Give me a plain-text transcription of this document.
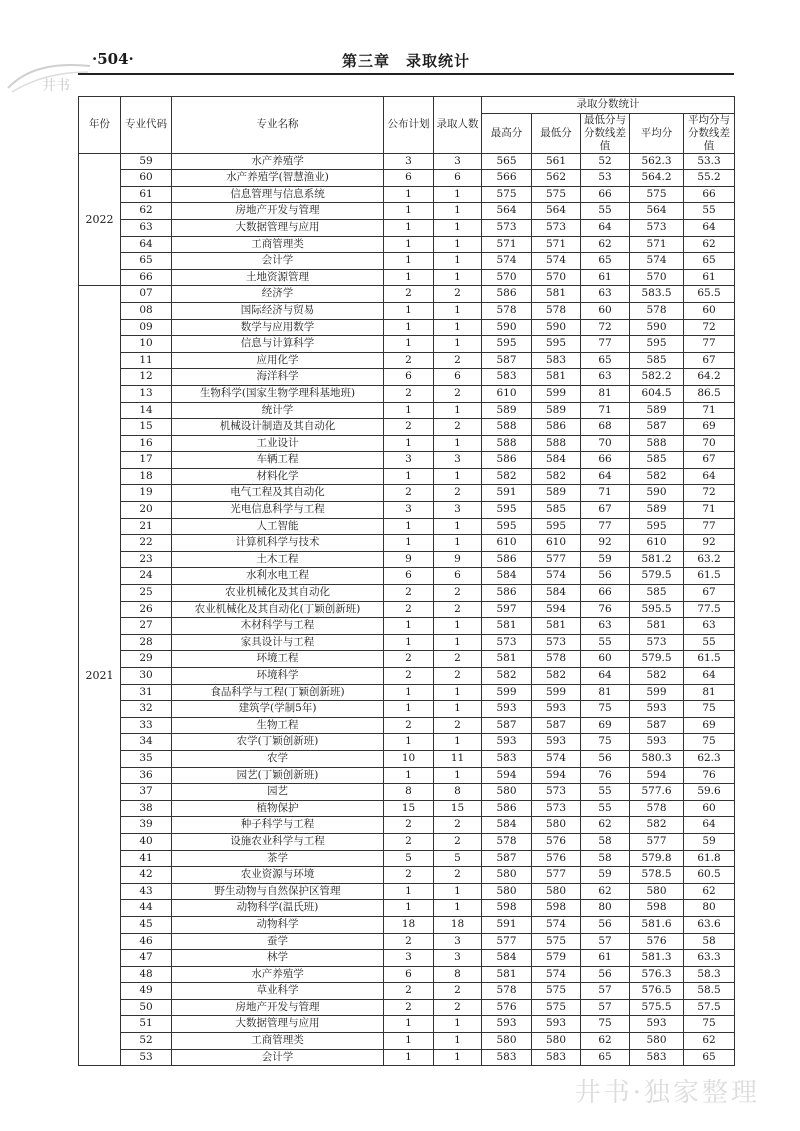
·504·	第三章　录取统计
井书
年份	专业代码	专业名称	公布计划	录取人数	录取分数统计				
					最高分	最低分	最低分与分数线差值	平均分	平均分与分数线差值
2022	59	水产养殖学	3	3	565	561	52	562.3	53.3
	60	水产养殖学(智慧渔业)	6	6	566	562	53	564.2	55.2
	61	信息管理与信息系统	1	1	575	575	66	575	66
	62	房地产开发与管理	1	1	564	564	55	564	55
	63	大数据管理与应用	1	1	573	573	64	573	64
	64	工商管理类	1	1	571	571	62	571	62
	65	会计学	1	1	574	574	65	574	65
	66	土地资源管理	1	1	570	570	61	570	61
2021	07	经济学	2	2	586	581	63	583.5	65.5
	08	国际经济与贸易	1	1	578	578	60	578	60
	09	数学与应用数学	1	1	590	590	72	590	72
	10	信息与计算科学	1	1	595	595	77	595	77
	11	应用化学	2	2	587	583	65	585	67
	12	海洋科学	6	6	583	581	63	582.2	64.2
	13	生物科学(国家生物学理科基地班)	2	2	610	599	81	604.5	86.5
	14	统计学	1	1	589	589	71	589	71
	15	机械设计制造及其自动化	2	2	588	586	68	587	69
	16	工业设计	1	1	588	588	70	588	70
	17	车辆工程	3	3	586	584	66	585	67
	18	材料化学	1	1	582	582	64	582	64
	19	电气工程及其自动化	2	2	591	589	71	590	72
	20	光电信息科学与工程	3	3	595	585	67	589	71
	21	人工智能	1	1	595	595	77	595	77
	22	计算机科学与技术	1	1	610	610	92	610	92
	23	土木工程	9	9	586	577	59	581.2	63.2
	24	水利水电工程	6	6	584	574	56	579.5	61.5
	25	农业机械化及其自动化	2	2	586	584	66	585	67
	26	农业机械化及其自动化(丁颖创新班)	2	2	597	594	76	595.5	77.5
	27	木材科学与工程	1	1	581	581	63	581	63
	28	家具设计与工程	1	1	573	573	55	573	55
	29	环境工程	2	2	581	578	60	579.5	61.5
	30	环境科学	2	2	582	582	64	582	64
	31	食品科学与工程(丁颖创新班)	1	1	599	599	81	599	81
	32	建筑学(学制5年)	1	1	593	593	75	593	75
	33	生物工程	2	2	587	587	69	587	69
	34	农学(丁颖创新班)	1	1	593	593	75	593	75
	35	农学	10	11	583	574	56	580.3	62.3
	36	园艺(丁颖创新班)	1	1	594	594	76	594	76
	37	园艺	8	8	580	573	55	577.6	59.6
	38	植物保护	15	15	586	573	55	578	60
	39	种子科学与工程	2	2	584	580	62	582	64
	40	设施农业科学与工程	2	2	578	576	58	577	59
	41	茶学	5	5	587	576	58	579.8	61.8
	42	农业资源与环境	2	2	580	577	59	578.5	60.5
	43	野生动物与自然保护区管理	1	1	580	580	62	580	62
	44	动物科学(温氏班)	1	1	598	598	80	598	80
	45	动物科学	18	18	591	574	56	581.6	63.6
	46	蚕学	2	3	577	575	57	576	58
	47	林学	3	3	584	579	61	581.3	63.3
	48	水产养殖学	6	8	581	574	56	576.3	58.3
	49	草业科学	2	2	578	575	57	576.5	58.5
	50	房地产开发与管理	2	2	576	575	57	575.5	57.5
	51	大数据管理与应用	1	1	593	593	75	593	75
	52	工商管理类	1	1	580	580	62	580	62
	53	会计学	1	1	583	583	65	583	65
井书·独家整理
